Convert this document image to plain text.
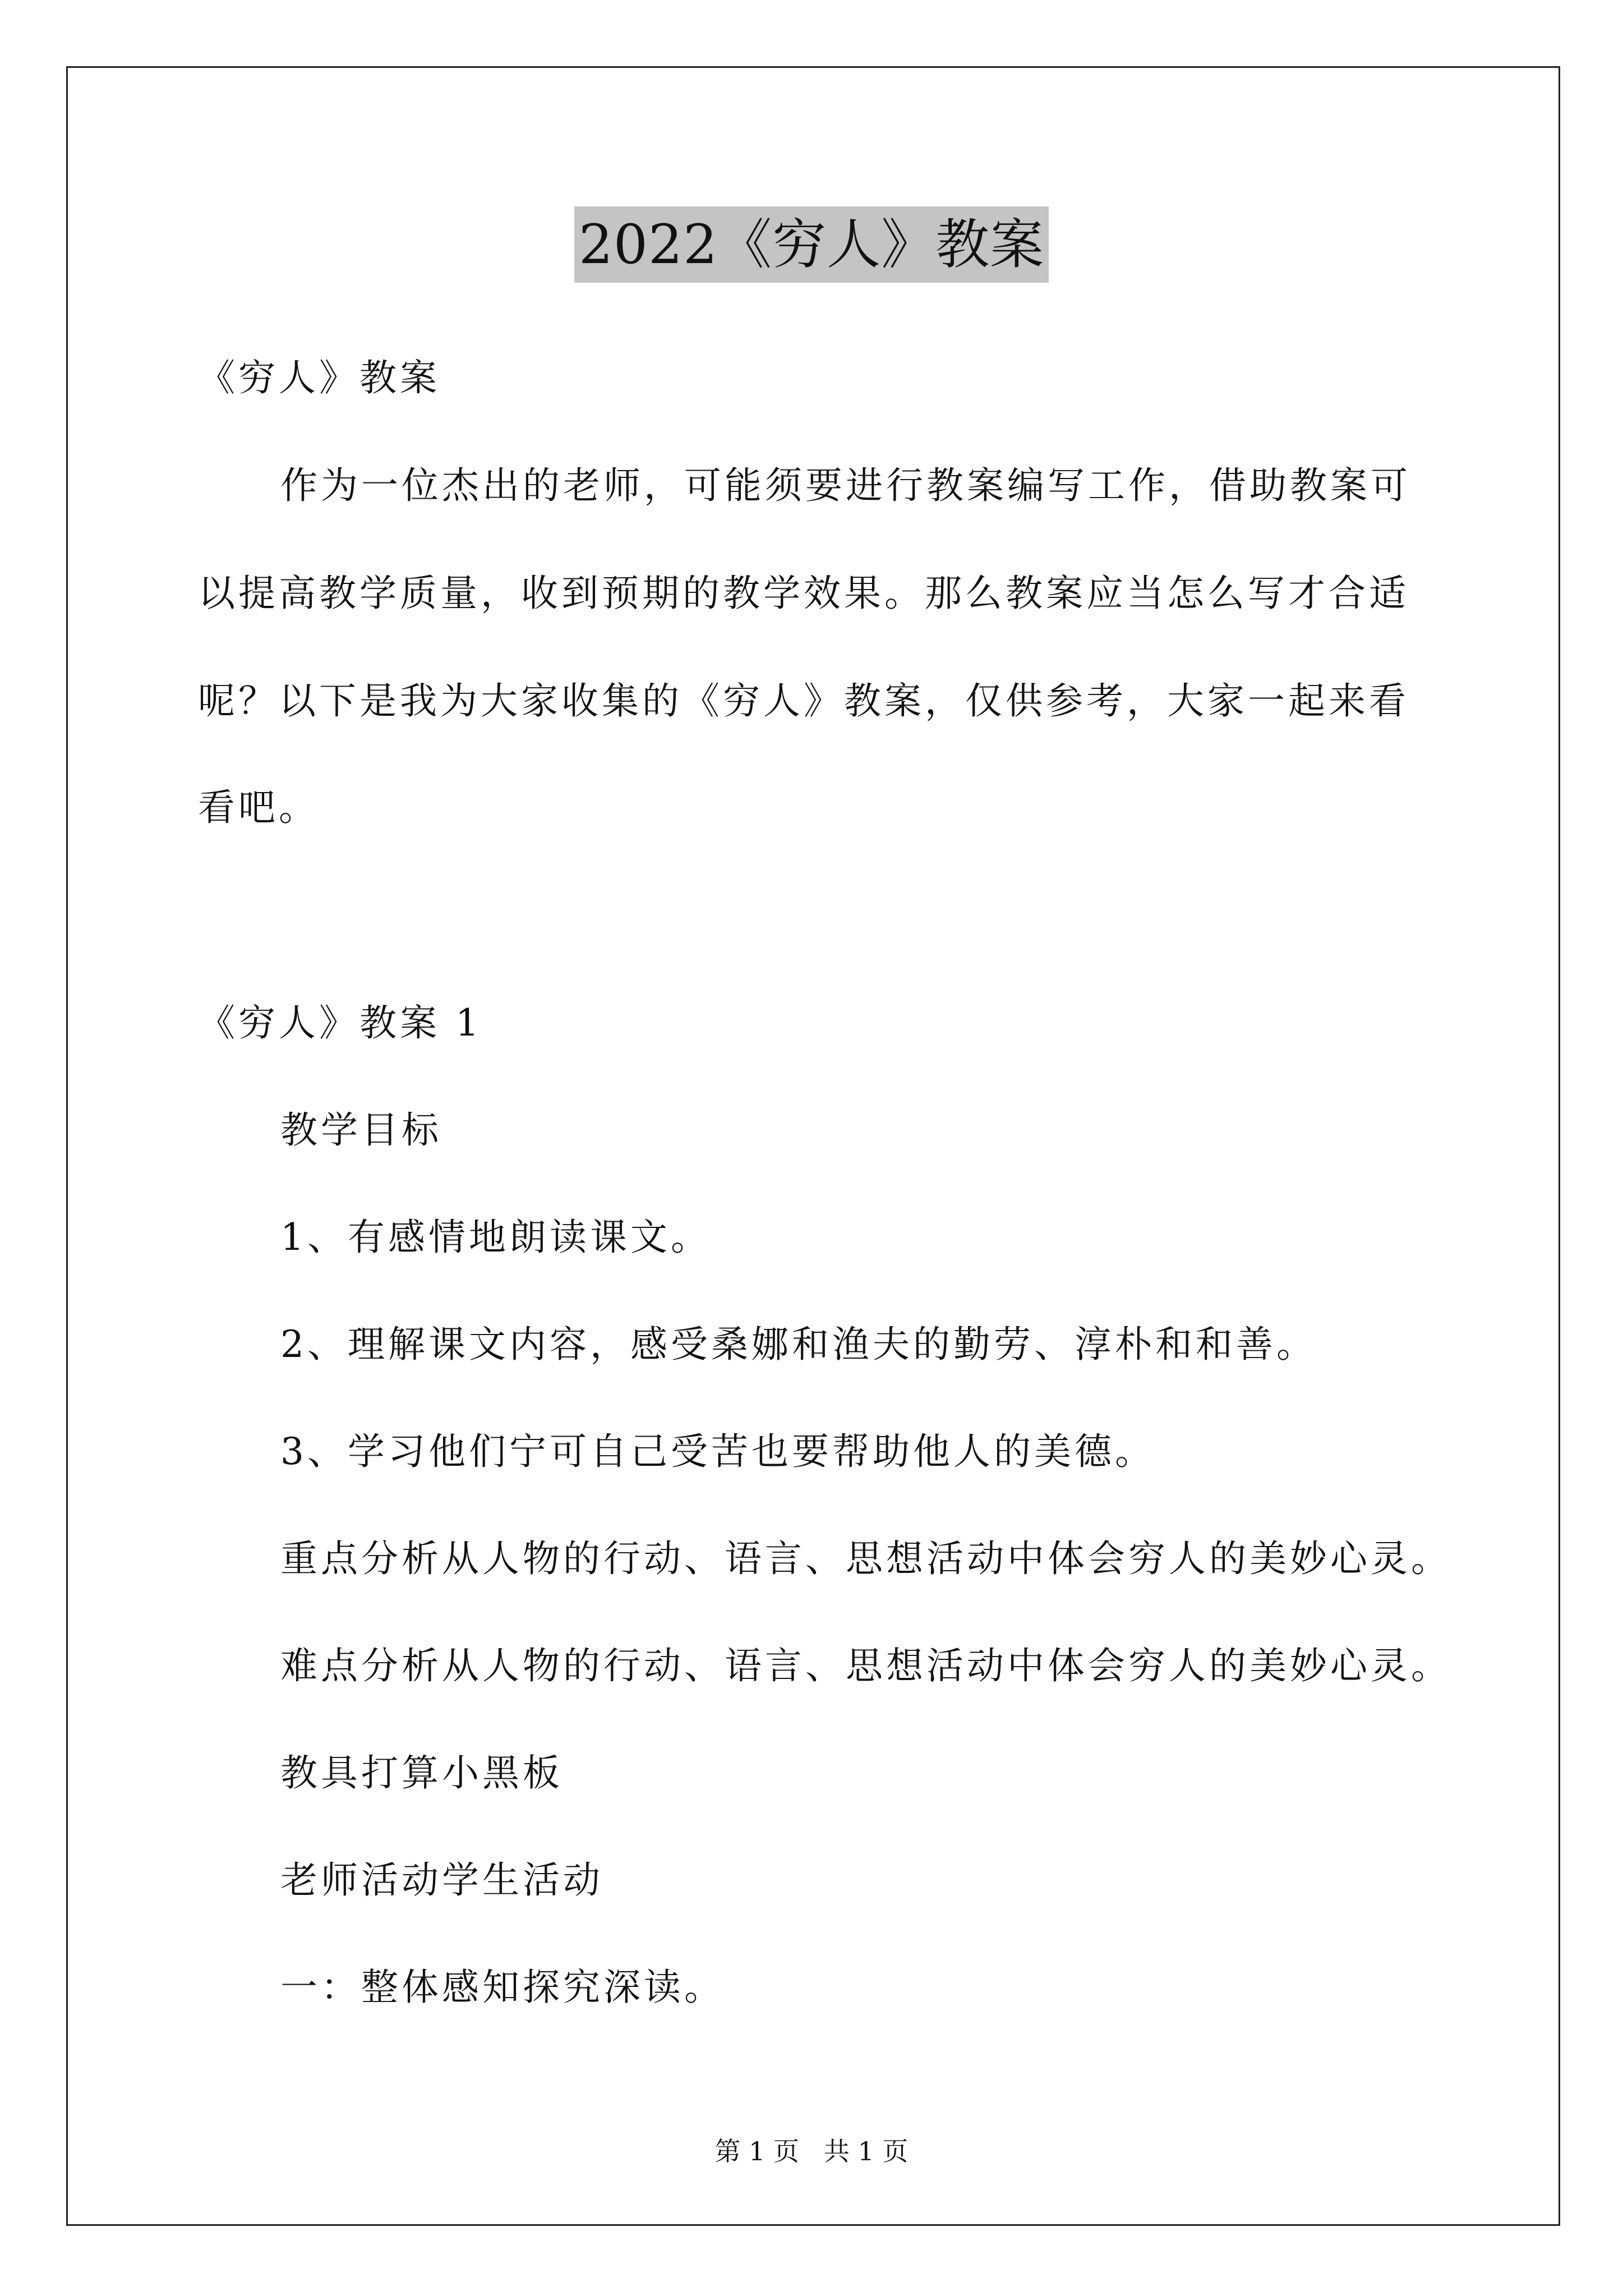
2022《穷人》教案
《穷人》教案
作为一位杰出的老师，可能须要进行教案编写工作，借助教案可
以提高教学质量，收到预期的教学效果。那么教案应当怎么写才合适
呢？以下是我为大家收集的《穷人》教案，仅供参考，大家一起来看
看吧。
《穷人》教案 1
教学目标
1、有感情地朗读课文。
2、理解课文内容，感受桑娜和渔夫的勤劳、淳朴和和善。
3、学习他们宁可自己受苦也要帮助他人的美德。
重点分析从人物的行动、语言、思想活动中体会穷人的美妙心灵。
难点分析从人物的行动、语言、思想活动中体会穷人的美妙心灵。
教具打算小黑板
老师活动学生活动
一：整体感知探究深读。
第 1 页   共 1 页
